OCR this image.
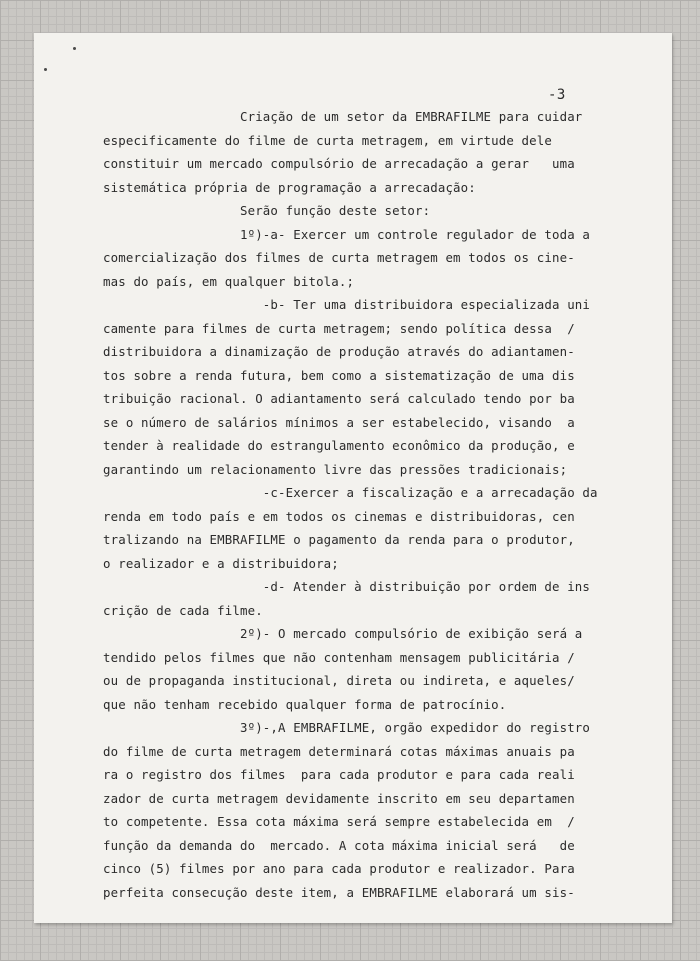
-3
Criação de um setor da EMBRAFILME para cuidar
especificamente do filme de curta metragem, em virtude dele
constituir um mercado compulsório de arrecadação a gerar   uma
sistemática própria de programação a arrecadação:
Serão função deste setor:
1º)-a- Exercer um controle regulador de toda a
comercialização dos filmes de curta metragem em todos os cine-
mas do país, em qualquer bitola.;
-b- Ter uma distribuidora especializada uni
camente para filmes de curta metragem; sendo política dessa  /
distribuidora a dinamização de produção através do adiantamen-
tos sobre a renda futura, bem como a sistematização de uma dis
tribuição racional. O adiantamento será calculado tendo por ba
se o número de salários mínimos a ser estabelecido, visando  a
tender à realidade do estrangulamento econômico da produção, e
garantindo um relacionamento livre das pressões tradicionais;
-c-Exercer a fiscalização e a arrecadação da
renda em todo país e em todos os cinemas e distribuidoras, cen
tralizando na EMBRAFILME o pagamento da renda para o produtor,
o realizador e a distribuidora;
-d- Atender à distribuição por ordem de ins
crição de cada filme.
2º)- O mercado compulsório de exibição será a
tendido pelos filmes que não contenham mensagem publicitária /
ou de propaganda institucional, direta ou indireta, e aqueles/
que não tenham recebido qualquer forma de patrocínio.
3º)-,A EMBRAFILME, orgão expedidor do registro
do filme de curta metragem determinará cotas máximas anuais pa
ra o registro dos filmes  para cada produtor e para cada reali
zador de curta metragem devidamente inscrito em seu departamen
to competente. Essa cota máxima será sempre estabelecida em  /
função da demanda do  mercado. A cota máxima inicial será   de
cinco (5) filmes por ano para cada produtor e realizador. Para
perfeita consecução deste item, a EMBRAFILME elaborará um sis-
